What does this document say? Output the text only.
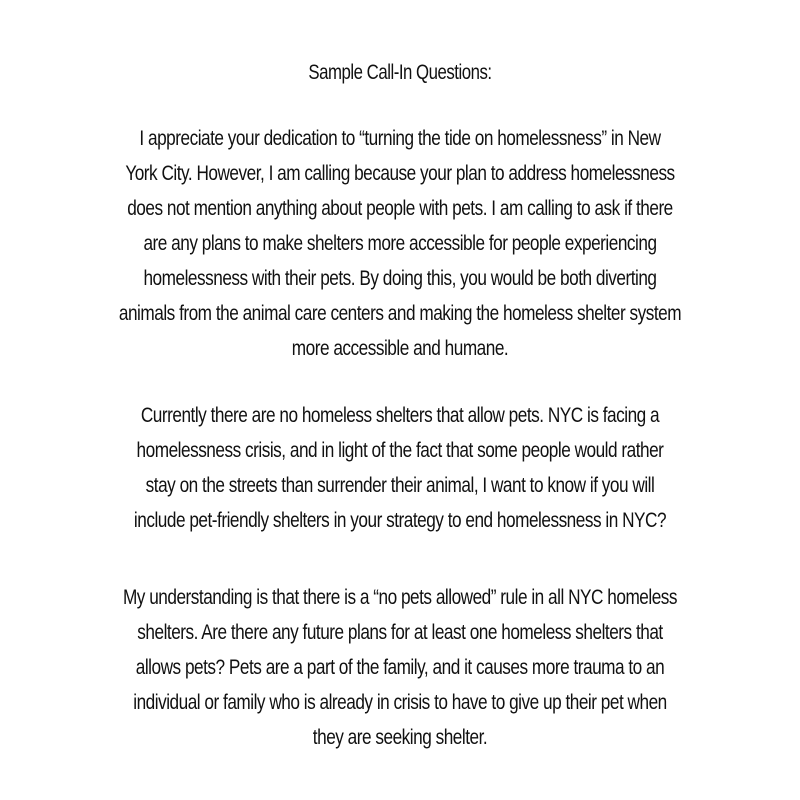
Sample Call-In Questions:
I appreciate your dedication to “turning the tide on homelessness” in New
York City. However, I am calling because your plan to address homelessness
does not mention anything about people with pets. I am calling to ask if there
are any plans to make shelters more accessible for people experiencing
homelessness with their pets. By doing this, you would be both diverting
animals from the animal care centers and making the homeless shelter system
more accessible and humane.
Currently there are no homeless shelters that allow pets. NYC is facing a
homelessness crisis, and in light of the fact that some people would rather
stay on the streets than surrender their animal, I want to know if you will
include pet-friendly shelters in your strategy to end homelessness in NYC?
My understanding is that there is a “no pets allowed” rule in all NYC homeless
shelters. Are there any future plans for at least one homeless shelters that
allows pets? Pets are a part of the family, and it causes more trauma to an
individual or family who is already in crisis to have to give up their pet when
they are seeking shelter.
